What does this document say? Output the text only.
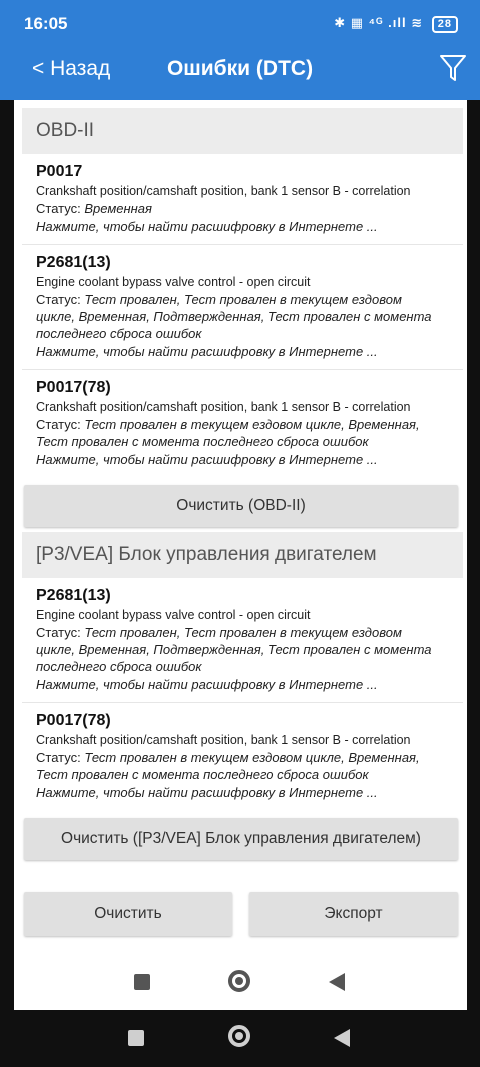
16:05	✱ ▦ ⁴ᴳ .ıll ≋ 28
< Назад	Ошибки (DTC)
OBD-II
P0017
Crankshaft position/camshaft position, bank 1 sensor B - correlation
Статус: Временная
Нажмите, чтобы найти расшифровку в Интернете ...
P2681(13)
Engine coolant bypass valve control - open circuit
Статус: Тест провален, Тест провален в текущем ездовом
цикле, Временная, Подтвержденная, Тест провален с момента
последнего сброса ошибок
Нажмите, чтобы найти расшифровку в Интернете ...
P0017(78)
Crankshaft position/camshaft position, bank 1 sensor B - correlation
Статус: Тест провален в текущем ездовом цикле, Временная,
Тест провален с момента последнего сброса ошибок
Нажмите, чтобы найти расшифровку в Интернете ...
Очистить (OBD-II)
[P3/VEA] Блок управления двигателем
P2681(13)
Engine coolant bypass valve control - open circuit
Статус: Тест провален, Тест провален в текущем ездовом
цикле, Временная, Подтвержденная, Тест провален с момента
последнего сброса ошибок
Нажмите, чтобы найти расшифровку в Интернете ...
P0017(78)
Crankshaft position/camshaft position, bank 1 sensor B - correlation
Статус: Тест провален в текущем ездовом цикле, Временная,
Тест провален с момента последнего сброса ошибок
Нажмите, чтобы найти расшифровку в Интернете ...
Очистить ([P3/VEA] Блок управления двигателем)
Очистить	Экспорт
